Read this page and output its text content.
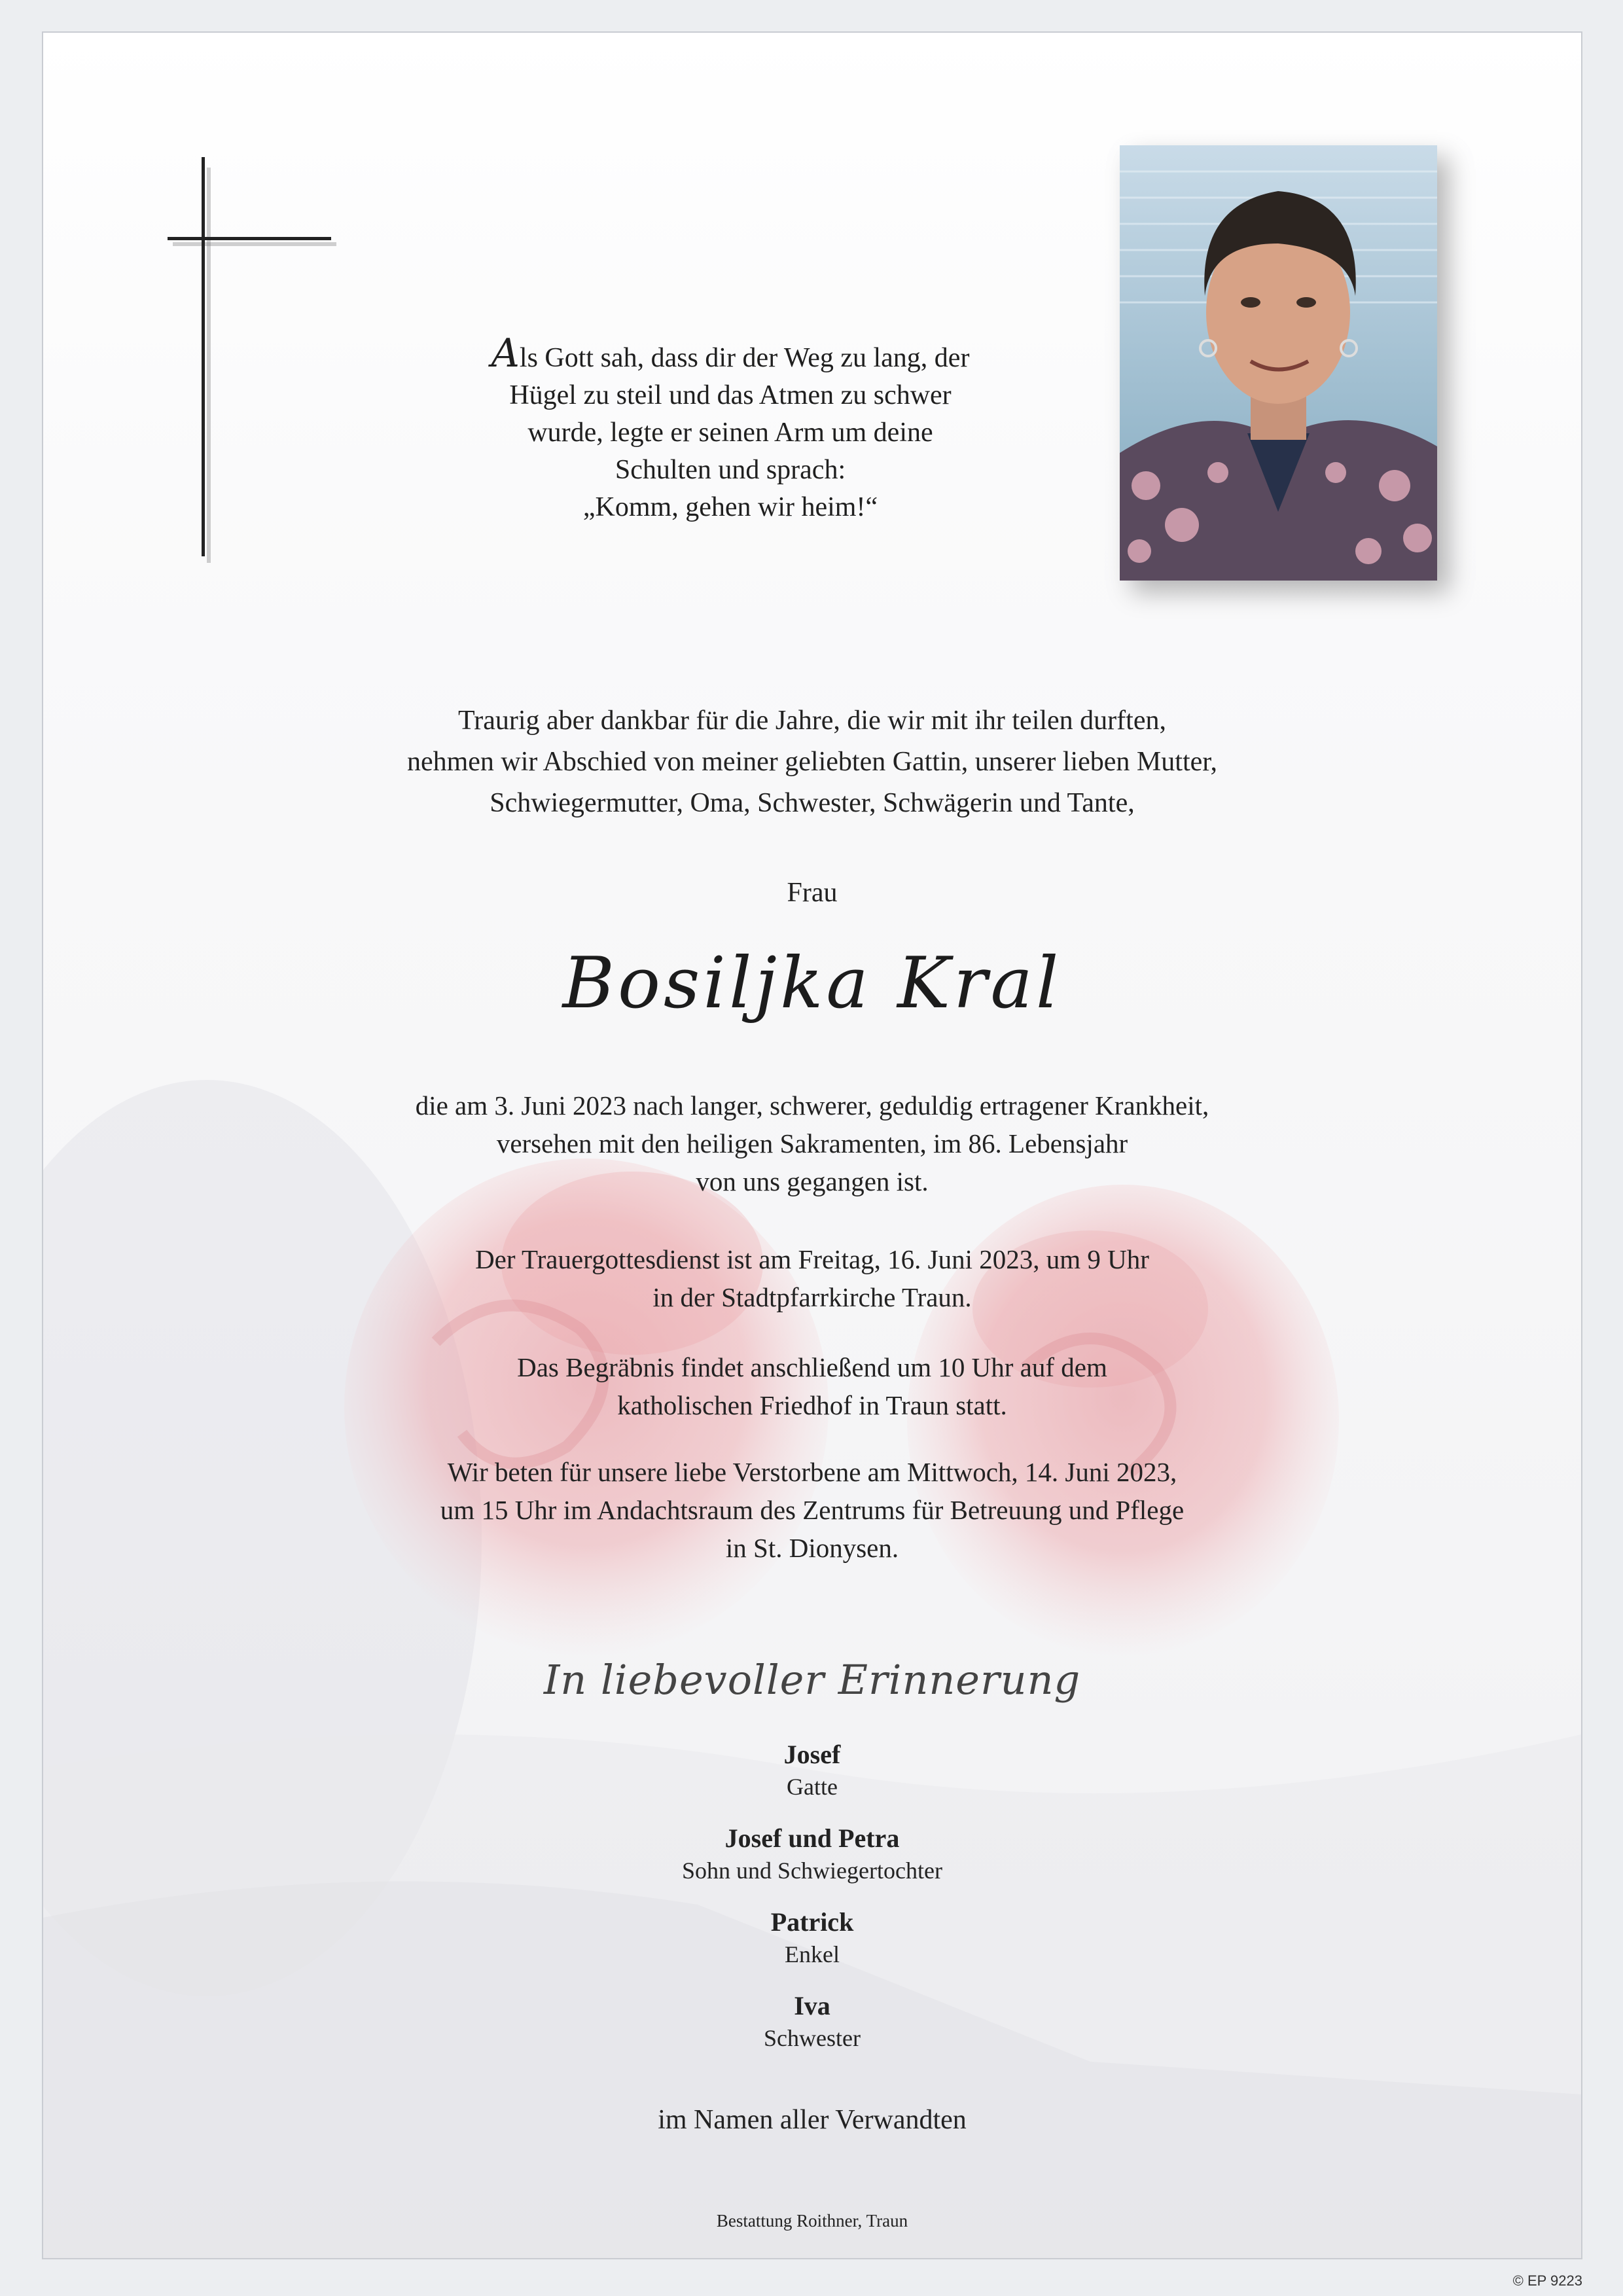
Als Gott sah, dass dir der Weg zu lang, der
Hügel zu steil und das Atmen zu schwer
wurde, legte er seinen Arm um deine
Schulten und sprach:
„Komm, gehen wir heim!“
Traurig aber dankbar für die Jahre, die wir mit ihr teilen durften,
nehmen wir Abschied von meiner geliebten Gattin, unserer lieben Mutter,
Schwiegermutter, Oma, Schwester, Schwägerin und Tante,
Frau
Bosiljka Kral
die am 3. Juni 2023 nach langer, schwerer, geduldig ertragener Krankheit,
versehen mit den heiligen Sakramenten, im 86. Lebensjahr
von uns gegangen ist.
Der Trauergottesdienst ist am Freitag, 16. Juni 2023, um 9 Uhr
in der Stadtpfarrkirche Traun.
Das Begräbnis findet anschließend um 10 Uhr auf dem
katholischen Friedhof in Traun statt.
Wir beten für unsere liebe Verstorbene am Mittwoch, 14. Juni 2023,
um 15 Uhr im Andachtsraum des Zentrums für Betreuung und Pflege
in St. Dionysen.
In liebevoller Erinnerung
Josef
Gatte
Josef und Petra
Sohn und Schwiegertochter
Patrick
Enkel
Iva
Schwester
im Namen aller Verwandten
Bestattung Roithner, Traun
© EP 9223
